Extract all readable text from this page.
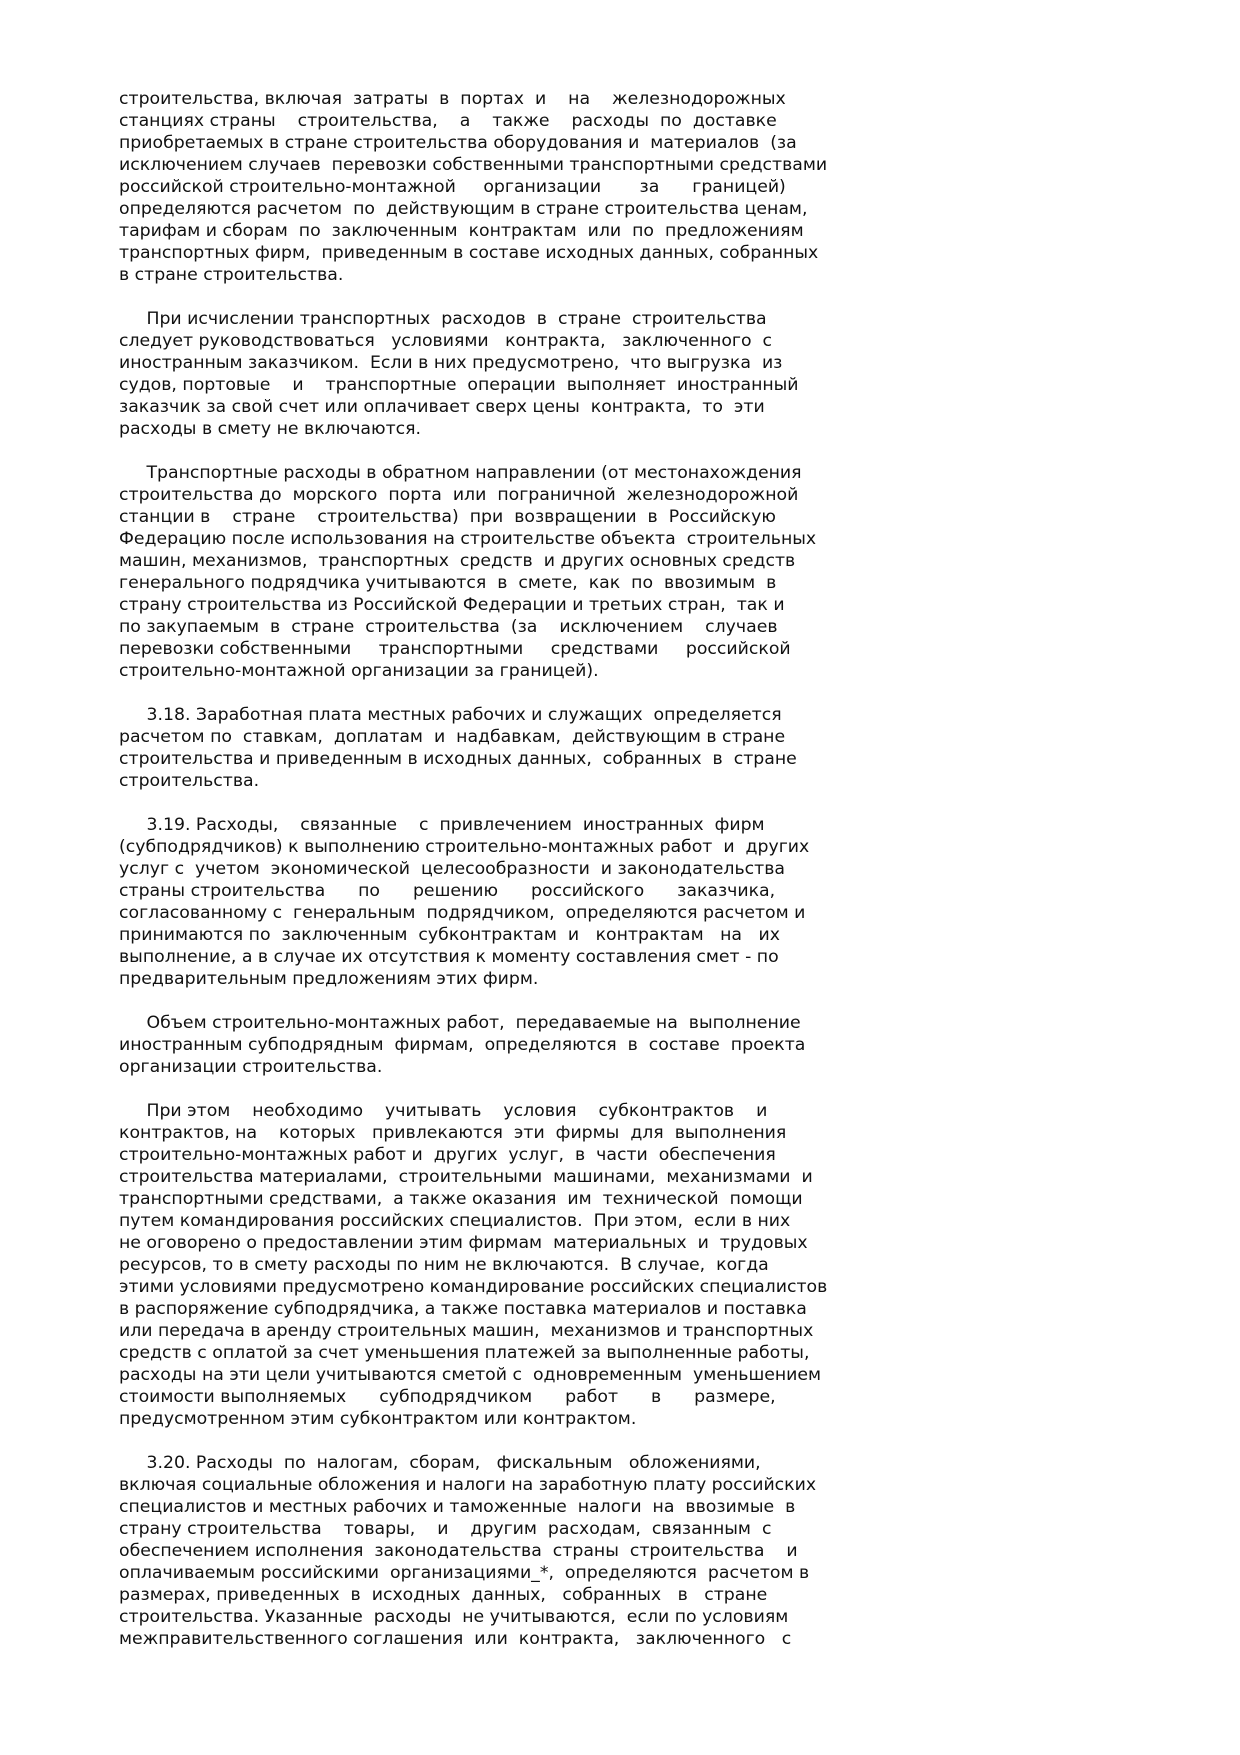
строительства, включая  затраты  в  портах  и    на    железнодорожных
станциях страны    строительства,    а    также    расходы  по  доставке
приобретаемых в стране строительства оборудования и  материалов  (за
исключением случаев  перевозки собственными транспортными средствами
российской строительно-монтажной     организации       за      границей)
определяются расчетом  по  действующим в стране строительства ценам,
тарифам и сборам  по  заключенным  контрактам  или  по  предложениям
транспортных фирм,  приведенным в составе исходных данных, собранных
в стране строительства.
При исчислении транспортных  расходов  в  стране  строительства
следует руководствоваться   условиями   контракта,   заключенного  с
иностранным заказчиком.  Если в них предусмотрено,  что выгрузка  из
судов, портовые    и    транспортные  операции  выполняет  иностранный
заказчик за свой счет или оплачивает сверх цены  контракта,  то  эти
расходы в смету не включаются.
Транспортные расходы в обратном направлении (от местонахождения
строительства до  морского  порта  или  пограничной  железнодорожной
станции в    стране    строительства)  при  возвращении  в  Российскую
Федерацию после использования на строительстве объекта  строительных
машин, механизмов,  транспортных  средств  и других основных средств
генерального подрядчика учитываются  в  смете,  как  по  ввозимым  в
страну строительства из Российской Федерации и третьих стран,  так и
по закупаемым  в  стране  строительства  (за    исключением    случаев
перевозки собственными     транспортными     средствами     российской
строительно-монтажной организации за границей).
3.18. Заработная плата местных рабочих и служащих  определяется
расчетом по  ставкам,  доплатам  и  надбавкам,  действующим в стране
строительства и приведенным в исходных данных,  собранных  в  стране
строительства.
3.19. Расходы,    связанные    с  привлечением  иностранных  фирм
(субподрядчиков) к выполнению строительно-монтажных работ  и  других
услуг с  учетом  экономической  целесообразности  и законодательства
страны строительства      по      решению      российского      заказчика,
согласованному с  генеральным  подрядчиком,  определяются расчетом и
принимаются по  заключенным  субконтрактам  и   контрактам   на   их
выполнение, а в случае их отсутствия к моменту составления смет - по
предварительным предложениям этих фирм.
Объем строительно-монтажных работ,  передаваемые на  выполнение
иностранным субподрядным  фирмам,  определяются  в  составе  проекта
организации строительства.
При этом    необходимо    учитывать    условия    субконтрактов    и
контрактов, на    которых   привлекаются  эти  фирмы  для  выполнения
строительно-монтажных работ и  других  услуг,  в  части  обеспечения
строительства материалами,  строительными  машинами,  механизмами  и
транспортными средствами,  а также оказания  им  технической  помощи
путем командирования российских специалистов.  При этом,  если в них
не оговорено о предоставлении этим фирмам  материальных  и  трудовых
ресурсов, то в смету расходы по ним не включаются.  В случае,  когда
этими условиями предусмотрено командирование российских специалистов
в распоряжение субподрядчика, а также поставка материалов и поставка
или передача в аренду строительных машин,  механизмов и транспортных
средств с оплатой за счет уменьшения платежей за выполненные работы,
расходы на эти цели учитываются сметой с  одновременным  уменьшением
стоимости выполняемых      субподрядчиком      работ      в      размере,
предусмотренном этим субконтрактом или контрактом.
3.20. Расходы  по  налогам,  сборам,   фискальным   обложениями,
включая социальные обложения и налоги на заработную плату российских
специалистов и местных рабочих и таможенные  налоги  на  ввозимые  в
страну строительства    товары,    и    другим  расходам,  связанным  с
обеспечением исполнения  законодательства  страны  строительства    и
оплачиваемым российскими  организациями_*,  определяются  расчетом в
размерах, приведенных  в  исходных  данных,   собранных   в   стране
строительства. Указанные  расходы  не учитываются,  если по условиям
межправительственного соглашения  или  контракта,   заключенного   с
